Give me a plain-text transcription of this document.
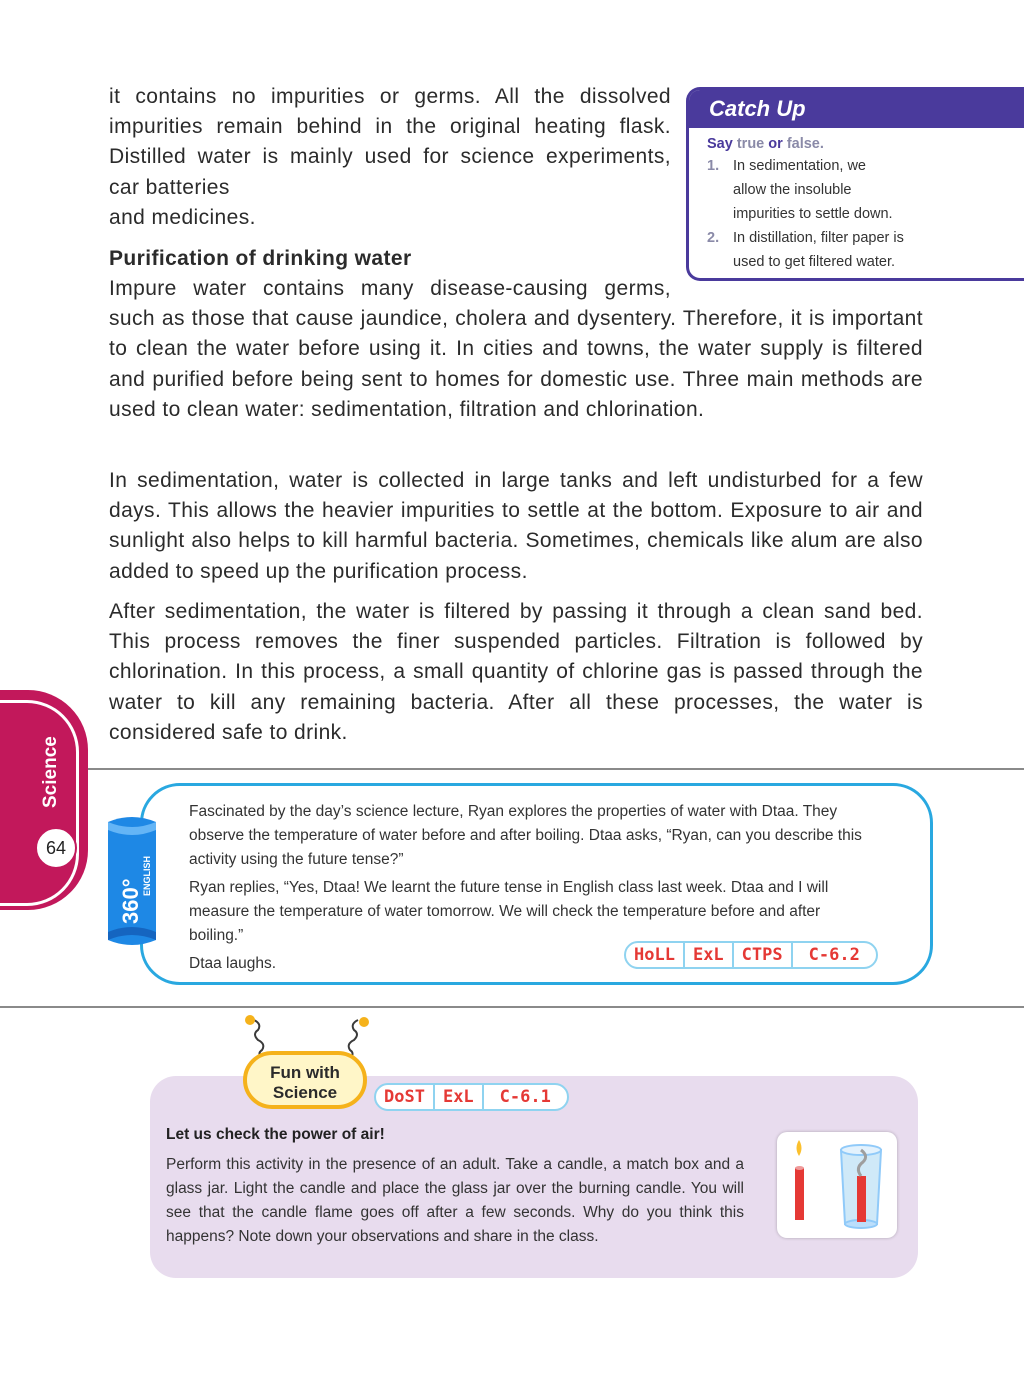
it contains no impurities or germs. All the dissolved
impurities remain behind in the original heating flask.
Distilled water is mainly used for science experiments,
car batteries
and medicines.
Purification of drinking water
Impure water contains many disease-causing germs,
such as those that cause jaundice, cholera and dysentery. Therefore, it is important to clean the water before using it. In cities and towns, the water supply is filtered and purified before being sent to homes for domestic use. Three main methods are used to clean water: sedimentation, filtration and chlorination.
In sedimentation, water is collected in large tanks and left undisturbed for a few days. This allows the heavier impurities to settle at the bottom. Exposure to air and sunlight also helps to kill harmful bacteria. Sometimes, chemicals like alum are also added to speed up the purification process.
After sedimentation, the water is filtered by passing it through a clean sand bed. This process removes the finer suspended particles. Filtration is followed by chlorination. In this process, a small quantity of chlorine gas is passed through the water to kill any remaining bacteria. After all these processes, the water is considered safe to drink.
Catch Up
Say true or false.
1. In sedimentation, we
allow the insoluble
impurities to settle down.
2. In distillation, filter paper is
used to get filtered water.
Science
64
Fascinated by the day’s science lecture, Ryan explores the properties of water with Dtaa. They observe the temperature of water before and after boiling. Dtaa asks, “Ryan, can you describe this activity using the future tense?”
Ryan replies, “Yes, Dtaa! We learnt the future tense in English class last week. Dtaa and I will measure the temperature of water tomorrow. We will check the temperature before and after boiling.”
Dtaa laughs.
360°
ENGLISH
HoLL	ExL	CTPS	C-6.2
Fun with
Science	DoST	ExL	C-6.1
Let us check the power of air!

Perform this activity in the presence of an adult. Take a candle, a match box and a glass jar. Light the candle and place the glass jar over the burning candle. You will see that the candle flame goes off after a few seconds. Why do you think this happens? Note down your observations and share in the class.
